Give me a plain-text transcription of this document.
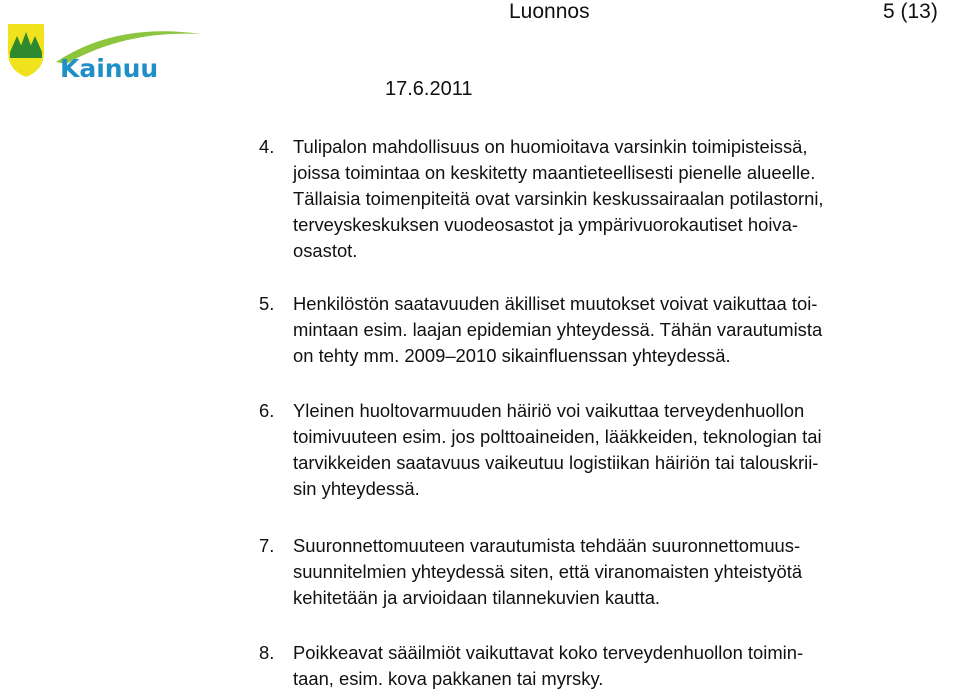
Luonnos	5 (13)
Kainuu
17.6.2011
4. Tulipalon mahdollisuus on huomioitava varsinkin toimipisteissä,
joissa toimintaa on keskitetty maantieteellisesti pienelle alueelle.
Tällaisia toimenpiteitä ovat varsinkin keskussairaalan potilastorni,
terveyskeskuksen vuodeosastot ja ympärivuorokautiset hoiva-
osastot.
5. Henkilöstön saatavuuden äkilliset muutokset voivat vaikuttaa toi-
mintaan esim. laajan epidemian yhteydessä. Tähän varautumista
on tehty mm. 2009–2010 sikainfluenssan yhteydessä.
6. Yleinen huoltovarmuuden häiriö voi vaikuttaa terveydenhuollon
toimivuuteen esim. jos polttoaineiden, lääkkeiden, teknologian tai
tarvikkeiden saatavuus vaikeutuu logistiikan häiriön tai talouskrii-
sin yhteydessä.
7. Suuronnettomuuteen varautumista tehdään suuronnettomuus-
suunnitelmien yhteydessä siten, että viranomaisten yhteistyötä
kehitetään ja arvioidaan tilannekuvien kautta.
8. Poikkeavat sääilmiöt vaikuttavat koko terveydenhuollon toimin-
taan, esim. kova pakkanen tai myrsky.
